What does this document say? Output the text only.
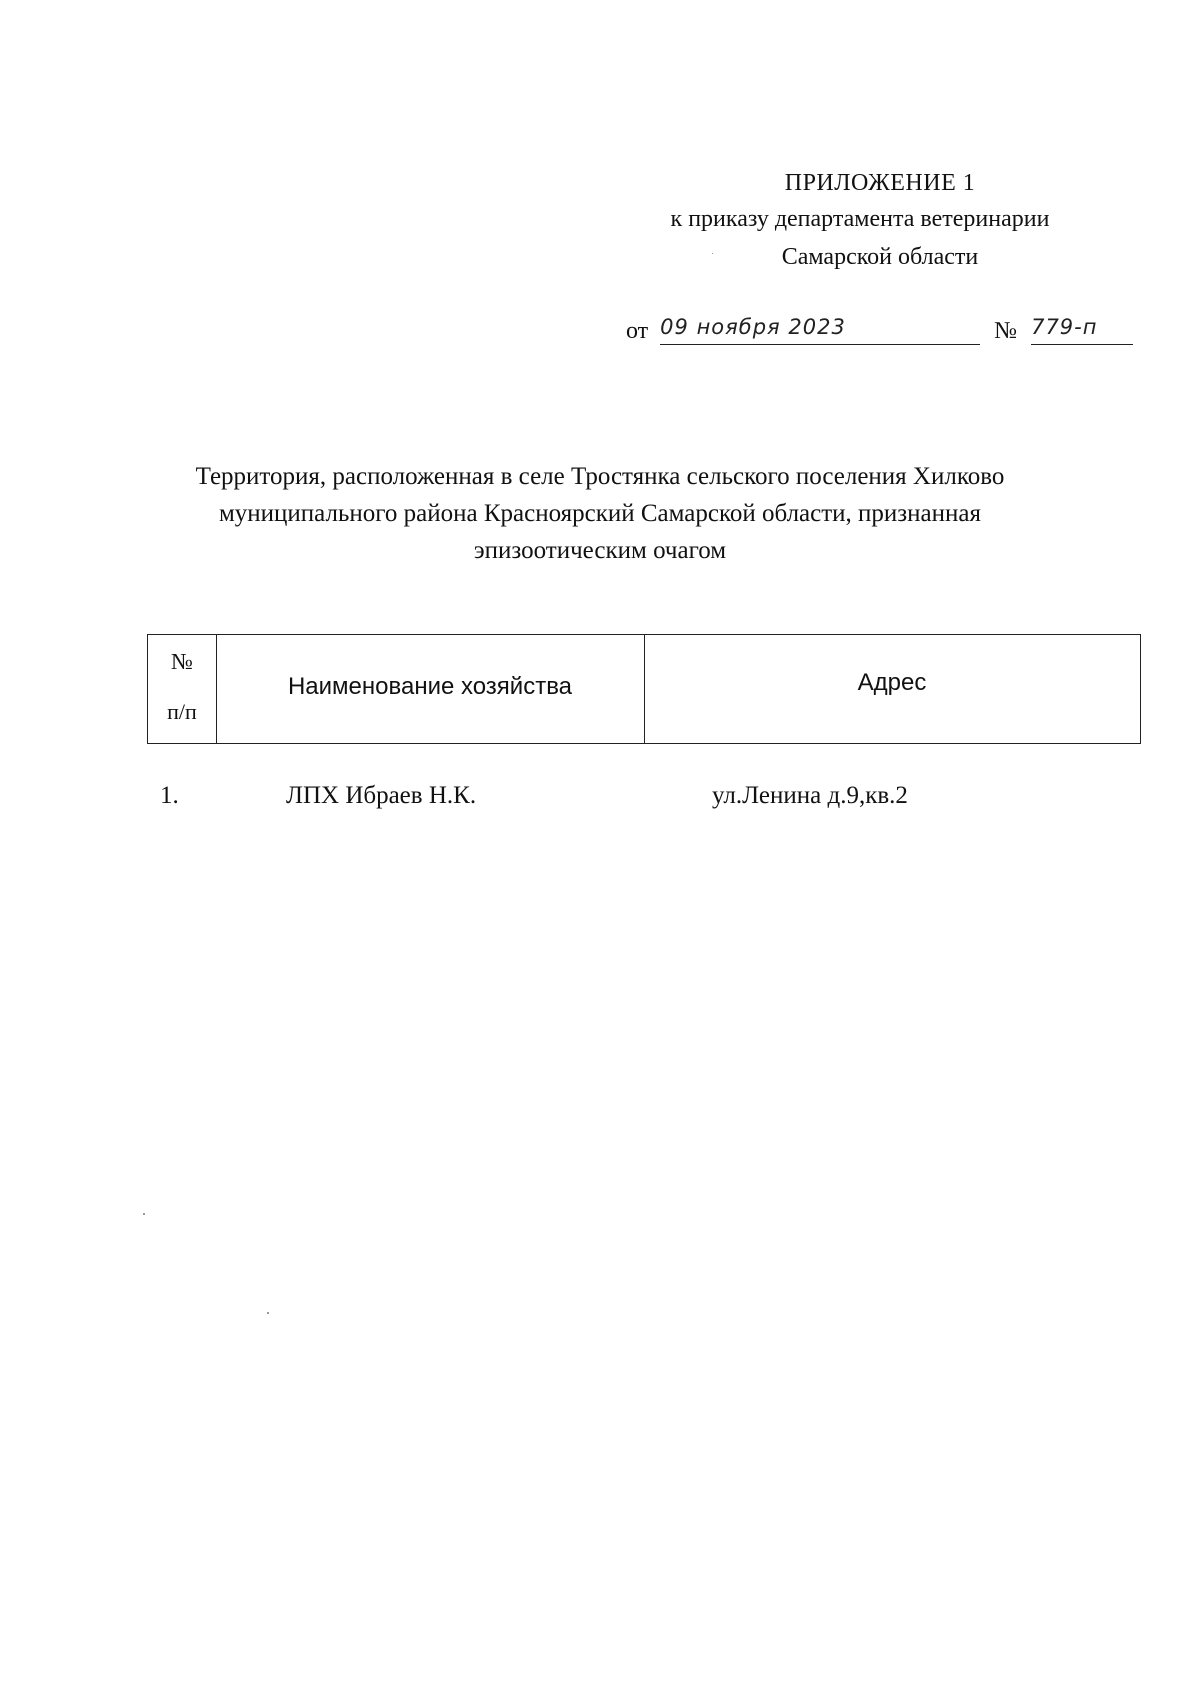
ПРИЛОЖЕНИЕ 1
к приказу департамента ветеринарии
Самарской области
от 09 ноября 2023	№ 779-п
Территория, расположенная в селе Тростянка сельского поселения Хилково
муниципального района Красноярский Самарской области, признанная
эпизоотическим очагом
№
п/п
Наименование хозяйства	Адрес
1.	ЛПХ Ибраев Н.К.	ул.Ленина д.9,кв.2
